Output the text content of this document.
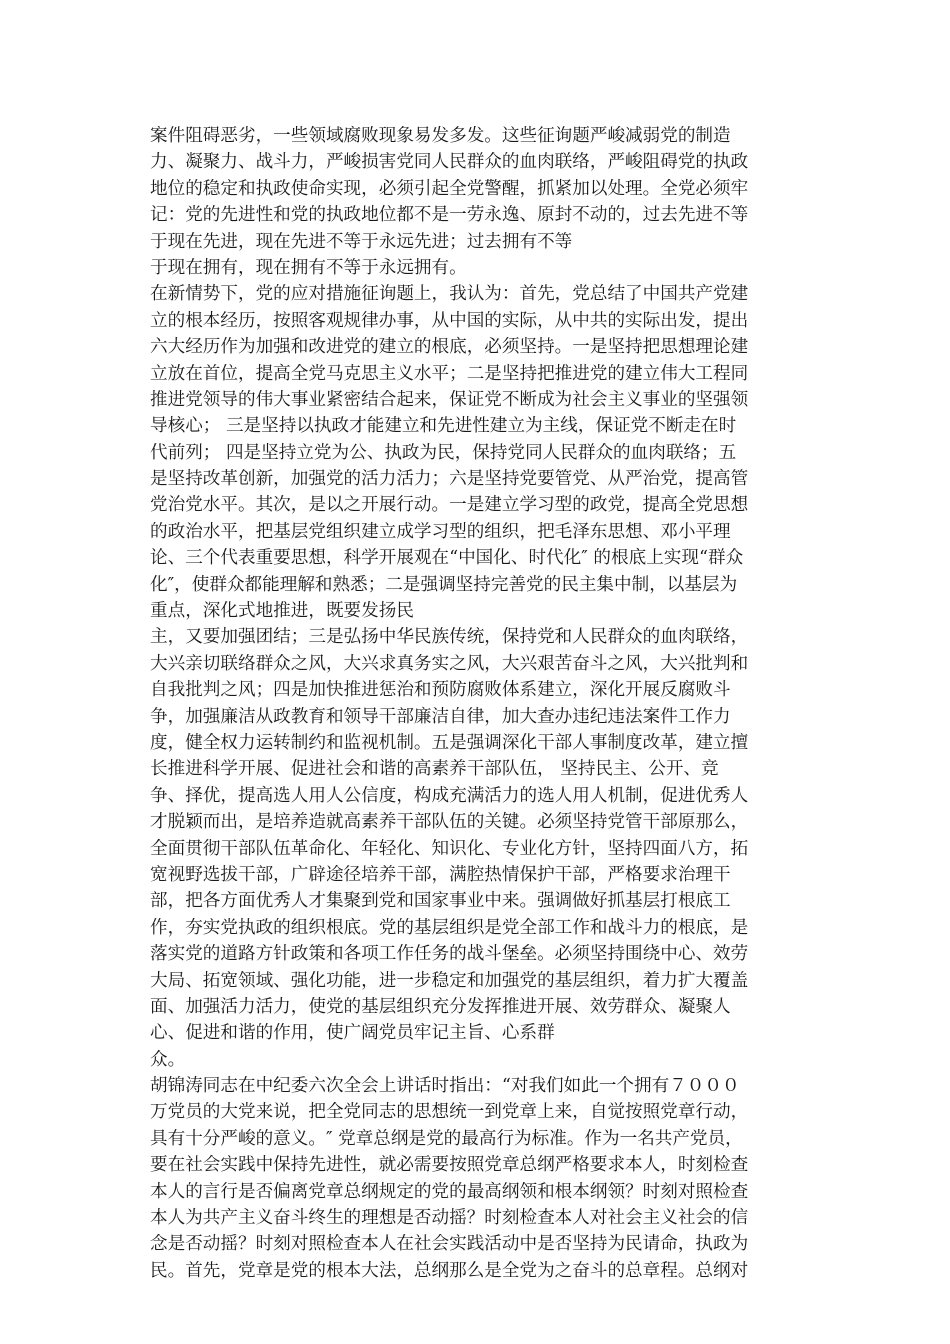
案件阻碍恶劣，一些领域腐败现象易发多发。这些征询题严峻减弱党的制造
力、凝聚力、战斗力，严峻损害党同人民群众的血肉联络，严峻阻碍党的执政
地位的稳定和执政使命实现，必须引起全党警醒，抓紧加以处理。全党必须牢
记：党的先进性和党的执政地位都不是一劳永逸、原封不动的，过去先进不等
于现在先进，现在先进不等于永远先进；过去拥有不等
于现在拥有，现在拥有不等于永远拥有。
在新情势下，党的应对措施征询题上，我认为：首先，党总结了中国共产党建
立的根本经历，按照客观规律办事，从中国的实际，从中共的实际出发，提出
六大经历作为加强和改进党的建立的根底，必须坚持。一是坚持把思想理论建
立放在首位，提高全党马克思主义水平；二是坚持把推进党的建立伟大工程同
推进党领导的伟大事业紧密结合起来，保证党不断成为社会主义事业的坚强领
导核心； 三是坚持以执政才能建立和先进性建立为主线，保证党不断走在时
代前列； 四是坚持立党为公、执政为民，保持党同人民群众的血肉联络；五
是坚持改革创新，加强党的活力活力；六是坚持党要管党、从严治党，提高管
党治党水平。其次，是以之开展行动。一是建立学习型的政党，提高全党思想
的政治水平，把基层党组织建立成学习型的组织，把毛泽东思想、邓小平理
论、三个代表重要思想，科学开展观在“中国化、时代化″ 的根底上实现“群众
化″，使群众都能理解和熟悉；二是强调坚持完善党的民主集中制，以基层为
重点，深化式地推进，既要发扬民
主，又要加强团结；三是弘扬中华民族传统，保持党和人民群众的血肉联络，
大兴亲切联络群众之风，大兴求真务实之风，大兴艰苦奋斗之风，大兴批判和
自我批判之风；四是加快推进惩治和预防腐败体系建立，深化开展反腐败斗
争，加强廉洁从政教育和领导干部廉洁自律，加大查办违纪违法案件工作力
度，健全权力运转制约和监视机制。五是强调深化干部人事制度改革，建立擅
长推进科学开展、促进社会和谐的高素养干部队伍， 坚持民主、公开、竞
争、择优，提高选人用人公信度，构成充满活力的选人用人机制，促进优秀人
才脱颖而出，是培养造就高素养干部队伍的关键。必须坚持党管干部原那么，
全面贯彻干部队伍革命化、年轻化、知识化、专业化方针，坚持四面八方，拓
宽视野选拔干部，广辟途径培养干部，满腔热情保护干部，严格要求治理干
部，把各方面优秀人才集聚到党和国家事业中来。强调做好抓基层打根底工
作，夯实党执政的组织根底。党的基层组织是党全部工作和战斗力的根底，是
落实党的道路方针政策和各项工作任务的战斗堡垒。必须坚持围绕中心、效劳
大局、拓宽领域、强化功能，进一步稳定和加强党的基层组织，着力扩大覆盖
面、加强活力活力，使党的基层组织充分发挥推进开展、效劳群众、凝聚人
心、促进和谐的作用，使广阔党员牢记主旨、心系群
众。
胡锦涛同志在中纪委六次全会上讲话时指出：“对我们如此一个拥有７０００
万党员的大党来说，把全党同志的思想统一到党章上来，自觉按照党章行动，
具有十分严峻的意义。″ 党章总纲是党的最高行为标准。作为一名共产党员，
要在社会实践中保持先进性，就必需要按照党章总纲严格要求本人，时刻检查
本人的言行是否偏离党章总纲规定的党的最高纲领和根本纲领？时刻对照检查
本人为共产主义奋斗终生的理想是否动摇？时刻检查本人对社会主义社会的信
念是否动摇？时刻对照检查本人在社会实践活动中是否坚持为民请命，执政为
民。首先，党章是党的根本大法，总纲那么是全党为之奋斗的总章程。总纲对
